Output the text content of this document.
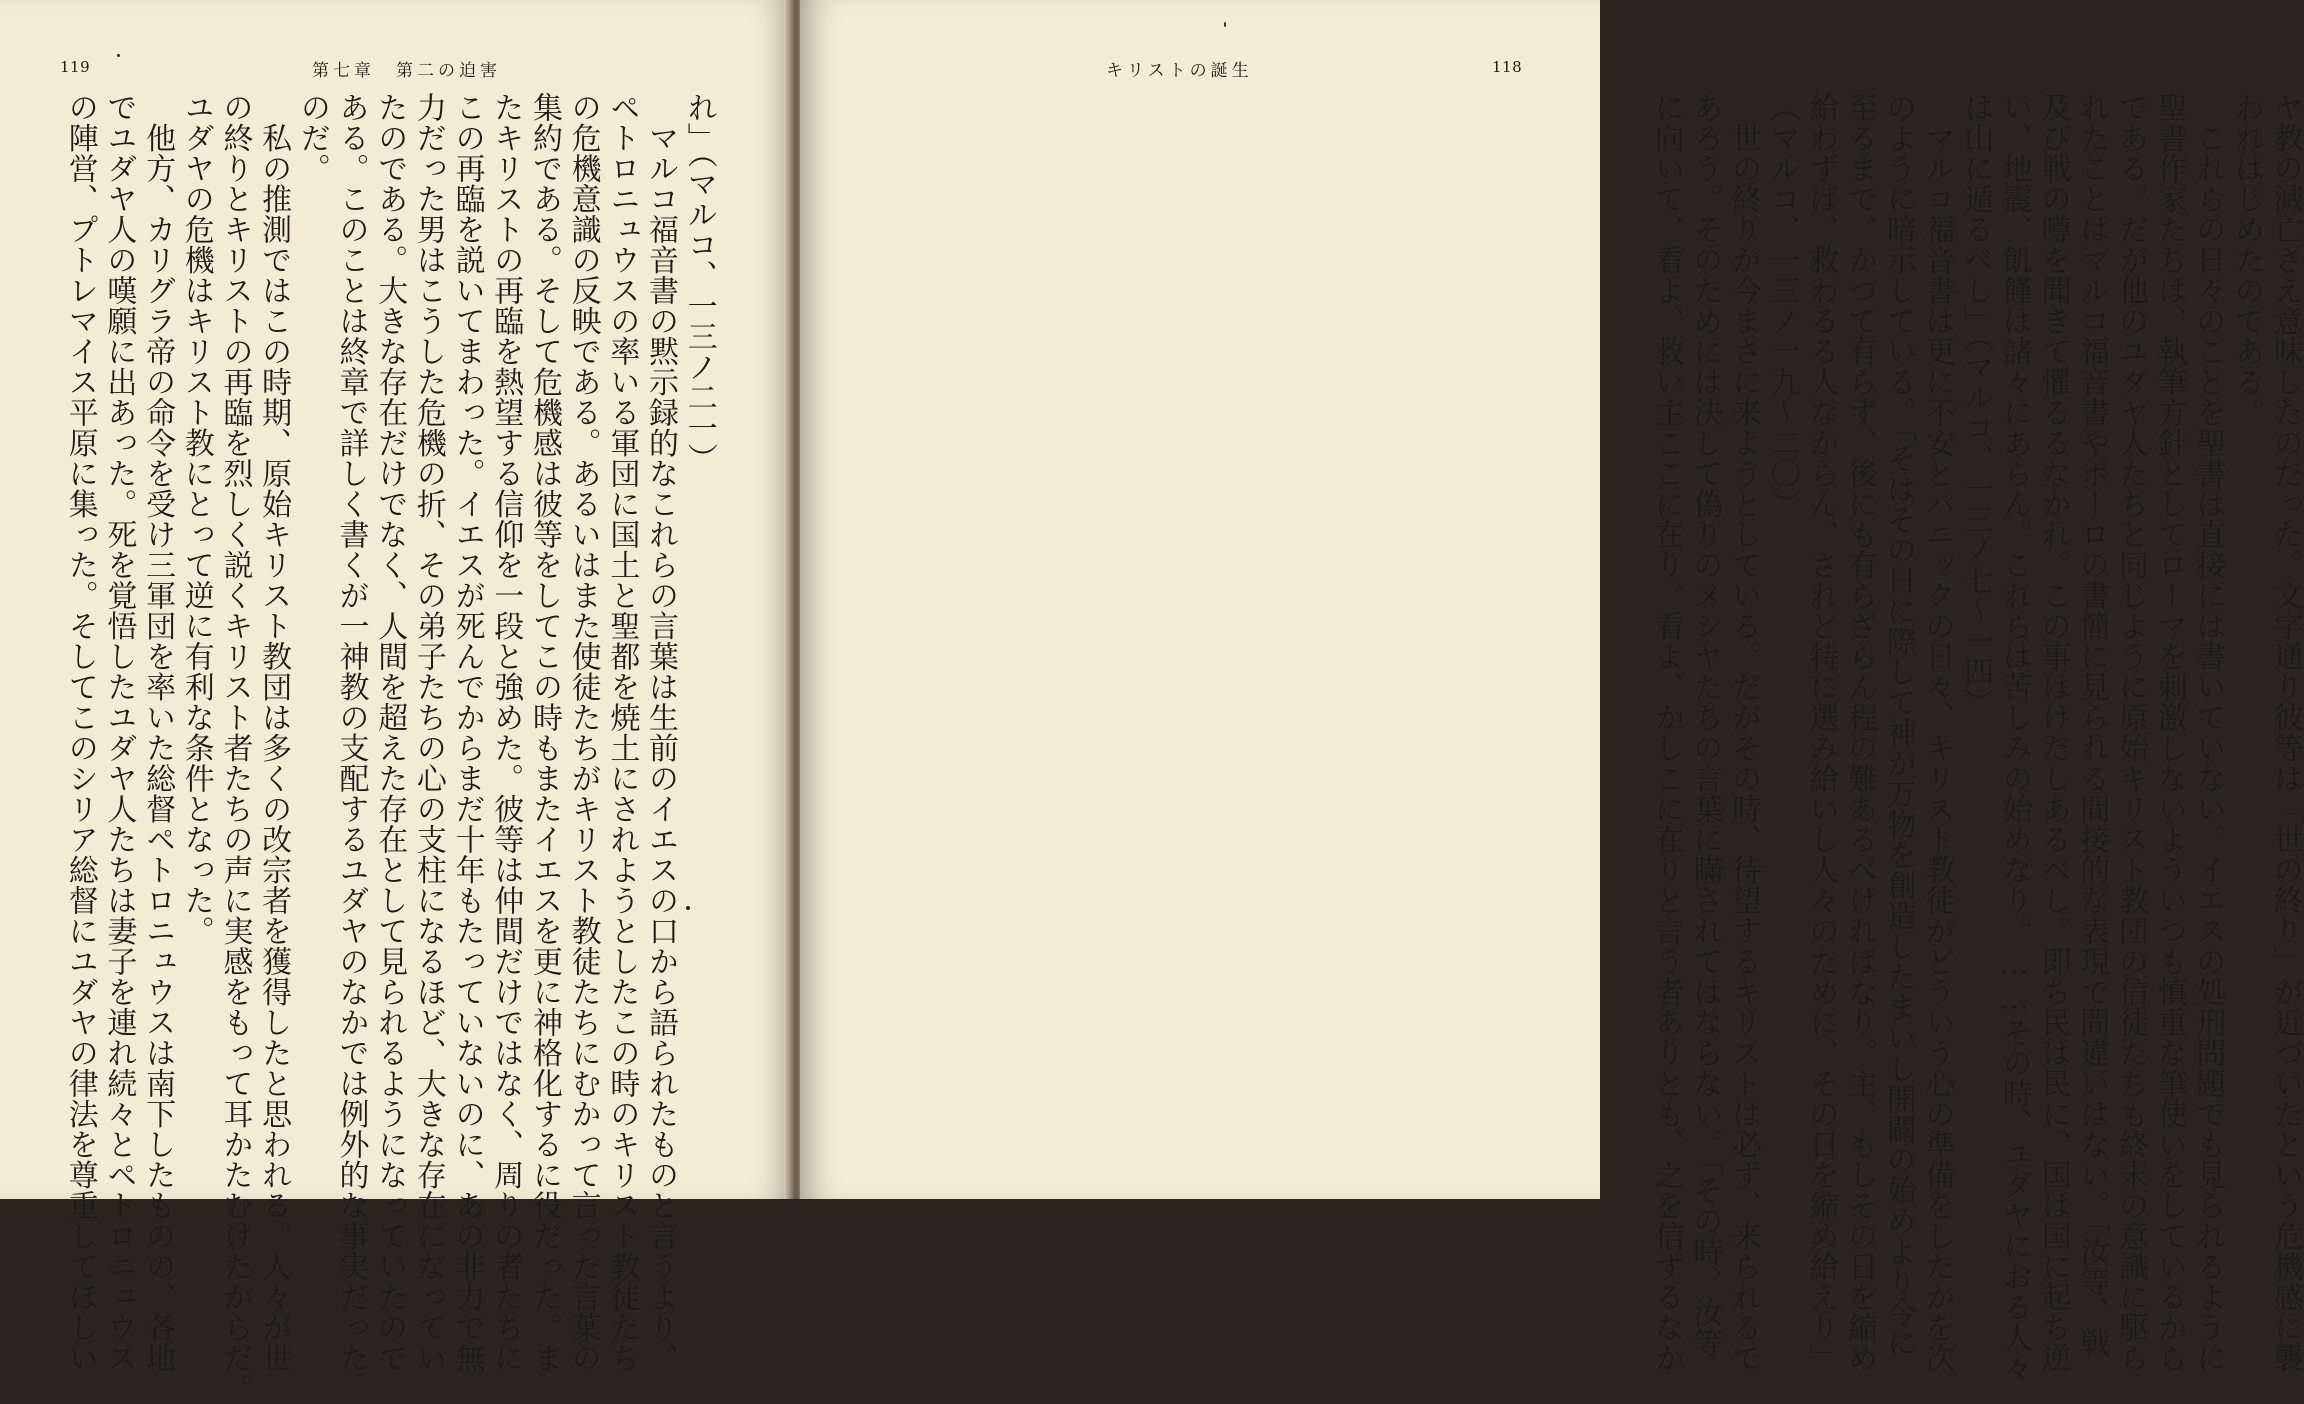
119	第七章　第二の迫害
れ」（マルコ、一三ノ二一）
　マルコ福音書の黙示録的なこれらの言葉は生前のイエスの口から語られたものと言うより、
ペトロニュウスの率いる軍団に国土と聖都を焼土にされようとしたこの時のキリスト教徒たち
の危機意識の反映である。あるいはまた使徒たちがキリスト教徒たちにむかって言った言葉の
集約である。そして危機感は彼等をしてこの時もまたイエスを更に神格化するに役だった。ま
たキリストの再臨を熱望する信仰を一段と強めた。彼等は仲間だけではなく、周りの者たちに
この再臨を説いてまわった。イエスが死んでからまだ十年もたっていないのに、あの非力で無
力だった男はこうした危機の折、その弟子たちの心の支柱になるほど、大きな存在になってい
たのである。大きな存在だけでなく、人間を超えた存在として見られるようになっていたので
ある。このことは終章で詳しく書くが一神教の支配するユダヤのなかでは例外的な事実だった
のだ。
　私の推測ではこの時期、原始キリスト教団は多くの改宗者を獲得したと思われる。人々が世
の終りとキリストの再臨を烈しく説くキリスト者たちの声に実感をもって耳かたむけたからだ。
ユダヤの危機はキリスト教にとって逆に有利な条件となった。
　他方、カリグラ帝の命令を受け三軍団を率いた総督ペトロニュウスは南下したものの、各地
でユダヤ人の嘆願に出あった。死を覚悟したユダヤ人たちは妻子を連れ続々とペトロニュウス
の陣営、プトレマイス平原に集った。そしてこのシリア総督にユダヤの律法を尊重してほしい
118
キリストの誕生
ヤ教の滅亡さえ意味したのだった。文字通り彼等は「世の終り」が近づいたという危機感に襲
われはじめたのである。
　これらの日々のことを聖書は直接には書いていない。イエスの処刑問題でも見られるように
聖書作家たちは、執筆方針としてローマを刺激しないよういつも慎重な筆使いをしているから
である。だが他のユダヤ人たちと同じように原始キリスト教団の信徒たちも終末の意識に駆ら
れたことはマルコ福音書やポーロの書簡に見られる間接的な表現で間違いはない。「汝等、戦
及び戦の噂を聞きて懼るるなかれ。この事はけだしあるべし。即ち民は民に、国は国に起ち逆
い、地震、飢饉は諸々にあらん。これらは苦しみの始めなり。……その時、ユダヤにおる人々
は山に遁るべし」（マルコ、一三ノ七〜一四）
　マルコ福音書は更に不安とパニックの日々、キリスト教徒がどういう心の準備をしたかを次
のように暗示している。「そはその日に際して神が万物を創造したまいし開闢の始めより今に
至るまで、かつて有らず、後にも有らざらん程の難あるべければなり。主、もしその日を縮め
給わずば、救わるる人なからん、されど特に選み給いし人々のために、その日を縮め給えり」
（マルコ、一三ノ一九〜二〇）
　世の終りが今まさに来ようとしている。だがその時、待望するキリストは必ず、来られるで
あろう。そのためには決して偽りのメシヤたちの言葉に瞞されてはならない。「その時、汝等
に向いて、看よ、救い主ここに在り、看よ、かしこに在りと言う者ありとも、之を信ずるなか
